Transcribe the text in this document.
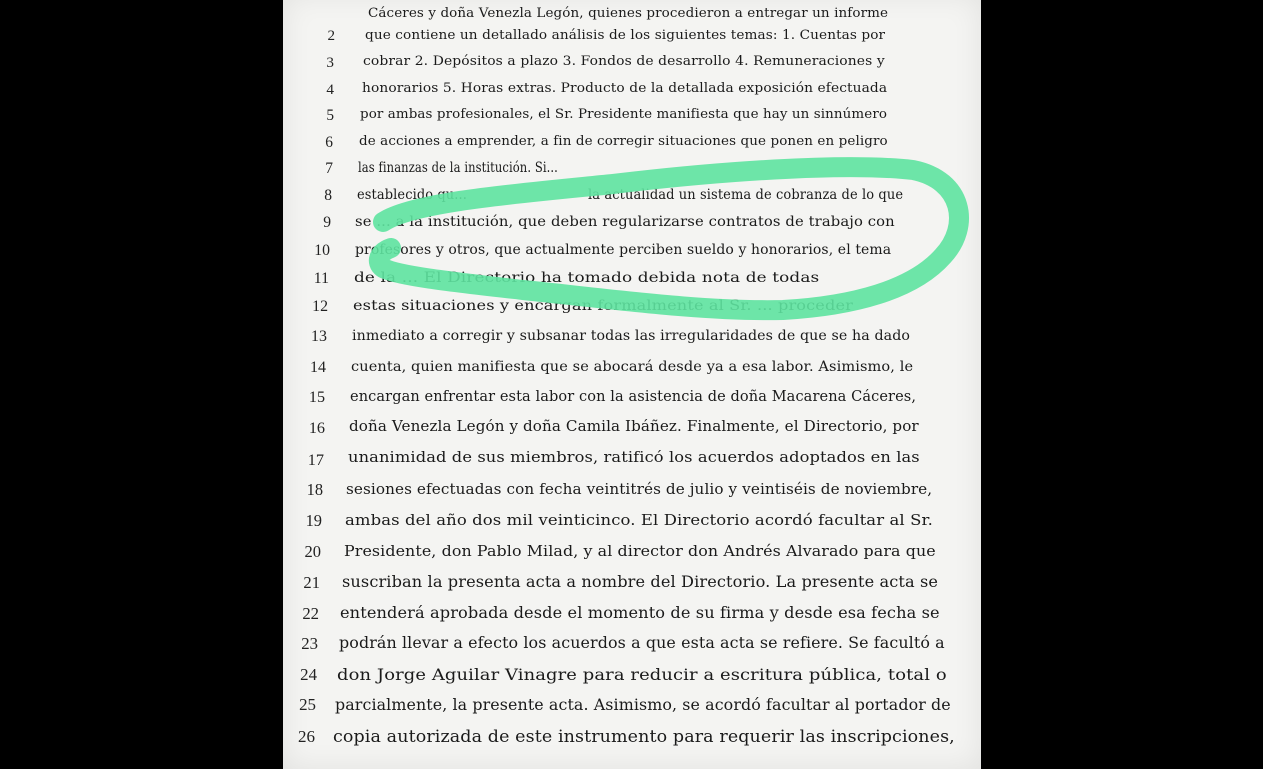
Cáceres y doña Venezla Legón, quienes procedieron a entregar un informe
2 que contiene un detallado análisis de los siguientes temas: 1. Cuentas por
3 cobrar 2. Depósitos a plazo 3. Fondos de desarrollo 4. Remuneraciones y
4 honorarios 5. Horas extras. Producto de la detallada exposición efectuada
5 por ambas profesionales, el Sr. Presidente manifiesta que hay un sinnúmero
6 de acciones a emprender, a fin de corregir situaciones que ponen en peligro
7 las finanzas de la institución. Si...
8 establecido qu...
9 se ... a la institución, que deben regularizarse contratos de trabajo con
10 profesores y otros, que actualmente perciben sueldo y honorarios, el tema
11 de la ... El Directorio ha tomado debida nota de todas
12 estas situaciones y encargan formalmente al Sr. ... proceder
13 inmediato a corregir y subsanar todas las irregularidades de que se ha dado
14 cuenta, quien manifiesta que se abocará desde ya a esa labor. Asimismo, le
15 encargan enfrentar esta labor con la asistencia de doña Macarena Cáceres,
16 doña Venezla Legón y doña Camila Ibáñez. Finalmente, el Directorio, por
17 unanimidad de sus miembros, ratificó los acuerdos adoptados en las
18 sesiones efectuadas con fecha veintitrés de julio y veintiséis de noviembre,
19 ambas del año dos mil veinticinco. El Directorio acordó facultar al Sr.
20 Presidente, don Pablo Milad, y al director don Andrés Alvarado para que
21 suscriban la presenta acta a nombre del Directorio. La presente acta se
22 entenderá aprobada desde el momento de su firma y desde esa fecha se
23 podrán llevar a efecto los acuerdos a que esta acta se refiere. Se facultó a
24 don Jorge Aguilar Vinagre para reducir a escritura pública, total o
25 parcialmente, la presente acta. Asimismo, se acordó facultar al portador de
26 copia autorizada de este instrumento para requerir las inscripciones,
la actualidad un sistema de cobranza de lo que
